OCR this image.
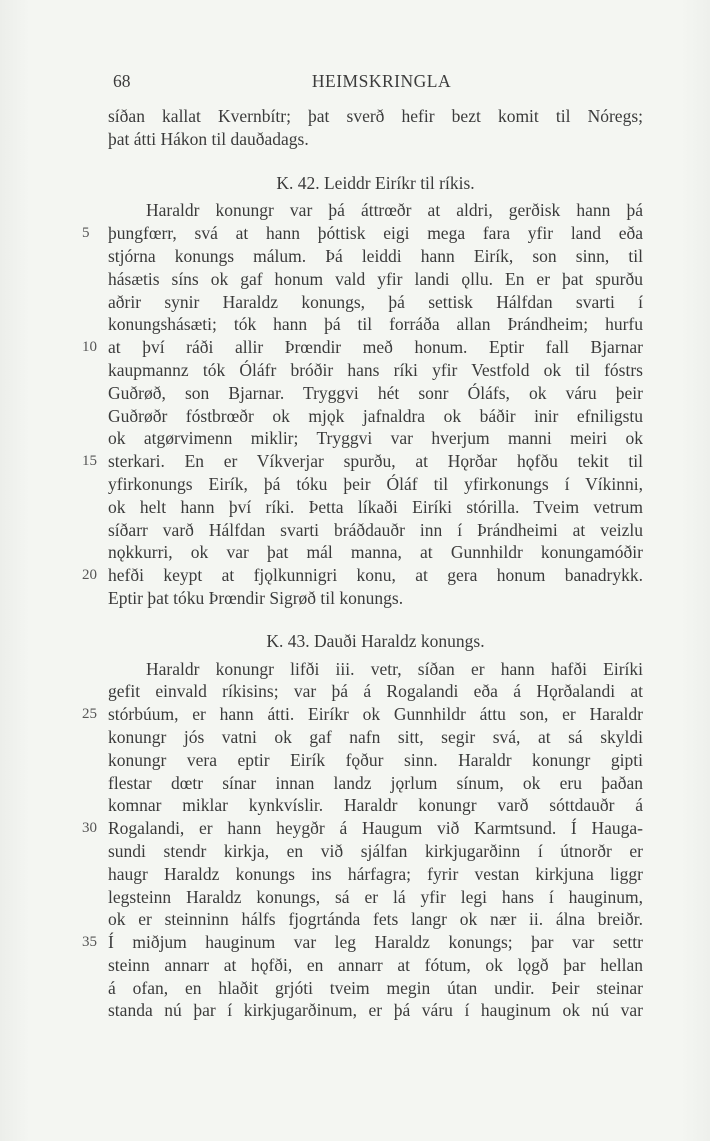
68	HEIMSKRINGLA
síðan kallat Kvernbítr; þat sverð hefir bezt komit til Nóregs;
þat átti Hákon til dauðadags.
K. 42. Leiddr Eiríkr til ríkis.
Haraldr konungr var þá áttrœðr at aldri, gerðisk hann þá
þungfœrr, svá at hann þóttisk eigi mega fara yfir land eða
5
stjórna konungs málum. Þá leiddi hann Eirík, son sinn, til
hásætis síns ok gaf honum vald yfir landi ǫllu. En er þat spurðu
aðrir synir Haraldz konungs, þá settisk Hálfdan svarti í
konungshásæti; tók hann þá til forráða allan Þrándheim; hurfu
at því ráði allir Þrœndir með honum. Eptir fall Bjarnar
10
kaupmannz tók Óláfr bróðir hans ríki yfir Vestfold ok til fóstrs
Guðrøð, son Bjarnar. Tryggvi hét sonr Óláfs, ok váru þeir
Guðrøðr fóstbrœðr ok mjǫk jafnaldra ok báðir inir efniligstu
ok atgørvimenn miklir; Tryggvi var hverjum manni meiri ok
sterkari. En er Víkverjar spurðu, at Hǫrðar hǫfðu tekit til
15
yfirkonungs Eirík, þá tóku þeir Óláf til yfirkonungs í Víkinni,
ok helt hann því ríki. Þetta líkaði Eiríki stórilla. Tveim vetrum
síðarr varð Hálfdan svarti bráðdauðr inn í Þrándheimi at veizlu
nǫkkurri, ok var þat mál manna, at Gunnhildr konungamóðir
hefði keypt at fjǫlkunnigri konu, at gera honum banadrykk.
20
Eptir þat tóku Þrœndir Sigrøð til konungs.
K. 43. Dauði Haraldz konungs.
Haraldr konungr lifði iii. vetr, síðan er hann hafði Eiríki
gefit einvald ríkisins; var þá á Rogalandi eða á Hǫrðalandi at
stórbúum, er hann átti. Eiríkr ok Gunnhildr áttu son, er Haraldr
25
konungr jós vatni ok gaf nafn sitt, segir svá, at sá skyldi
konungr vera eptir Eirík fǫður sinn. Haraldr konungr gipti
flestar dœtr sínar innan landz jǫrlum sínum, ok eru þaðan
komnar miklar kynkvíslir. Haraldr konungr varð sóttdauðr á
Rogalandi, er hann heygðr á Haugum við Karmtsund. Í Hauga-
30
sundi stendr kirkja, en við sjálfan kirkjugarðinn í útnorðr er
haugr Haraldz konungs ins hárfagra; fyrir vestan kirkjuna liggr
legsteinn Haraldz konungs, sá er lá yfir legi hans í hauginum,
ok er steinninn hálfs fjogrtánda fets langr ok nær ii. álna breiðr.
Í miðjum hauginum var leg Haraldz konungs; þar var settr
35
steinn annarr at hǫfði, en annarr at fótum, ok lǫgð þar hellan
á ofan, en hlaðit grjóti tveim megin útan undir. Þeir steinar
standa nú þar í kirkjugarðinum, er þá váru í hauginum ok nú var
